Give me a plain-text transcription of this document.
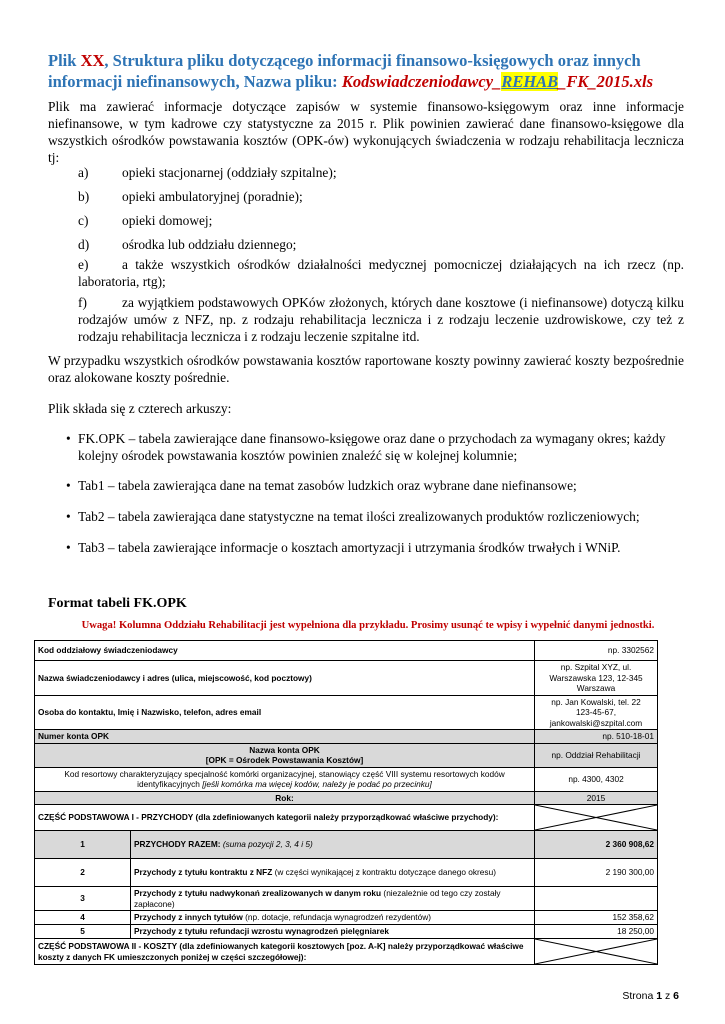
Plik XX, Struktura pliku dotyczącego informacji finansowo-księgowych oraz innych informacji niefinansowych, Nazwa pliku: Kodswiadczeniodawcy_REHAB_FK_2015.xls

Plik ma zawierać informacje dotyczące zapisów w systemie finansowo-księgowym oraz inne informacje niefinansowe, w tym kadrowe czy statystyczne za 2015 r. Plik powinien zawierać dane finansowo-księgowe dla wszystkich ośrodków powstawania kosztów (OPK-ów) wykonujących świadczenia w rodzaju rehabilitacja lecznicza tj:

a)	opieki stacjonarnej (oddziały szpitalne);
b)	opieki ambulatoryjnej (poradnie);
c)	opieki domowej;
d)	ośrodka lub oddziału dziennego;
e)	a także wszystkich ośrodków działalności medycznej pomocniczej działających na ich rzecz (np. laboratoria, rtg);
f)	za wyjątkiem podstawowych OPKów złożonych, których dane kosztowe (i niefinansowe) dotyczą kilku rodzajów umów z NFZ, np. z rodzaju rehabilitacja lecznicza i z rodzaju leczenie uzdrowiskowe, czy też z rodzaju rehabilitacja lecznicza i z rodzaju leczenie szpitalne itd.

W przypadku wszystkich ośrodków powstawania kosztów raportowane koszty powinny zawierać koszty bezpośrednie oraz alokowane koszty pośrednie.

Plik składa się z czterech arkuszy:

• FK.OPK – tabela zawierające dane finansowo-księgowe oraz dane o przychodach za wymagany okres; każdy kolejny ośrodek powstawania kosztów powinien znaleźć się w kolejnej kolumnie;
• Tab1 – tabela zawierająca dane na temat zasobów ludzkich oraz wybrane dane niefinansowe;
• Tab2 – tabela zawierająca dane statystyczne na temat ilości zrealizowanych produktów rozliczeniowych;
• Tab3 – tabela zawierające informacje o kosztach amortyzacji i utrzymania środków trwałych i WNiP.
Format tabeli FK.OPK

Uwaga! Kolumna Oddziału Rehabilitacji jest wypełniona dla przykładu. Prosimy usunąć te wpisy i wypełnić danymi jednostki.

Kod oddziałowy świadczeniodawcy		np. 3302562
Nazwa świadczeniodawcy i adres (ulica, miejscowość, kod pocztowy)		np. Szpital XYZ, ul.
Warszawska 123, 12-345
Warszawa
Osoba do kontaktu, Imię i Nazwisko, telefon, adres email		np. Jan Kowalski, tel. 22
123-45-67,
jankowalski@szpital.com
Numer konta OPK		np. 510-18-01
Nazwa konta OPK
[OPK = Ośrodek Powstawania Kosztów]		np. Oddział Rehabilitacji
Kod resortowy charakteryzujący specjalność komórki organizacyjnej, stanowiący część VIII systemu resortowych kodów identyfikacyjnych [jeśli komórka ma więcej kodów, należy je podać po przecinku]		np. 4300, 4302
Rok:		2015
CZĘŚĆ PODSTAWOWA I - PRZYCHODY (dla zdefiniowanych kategorii należy przyporządkować właściwe przychody):	

1	PRZYCHODY RAZEM: (suma pozycji 2, 3, 4 i 5)	2 360 908,62
2	Przychody z tytułu kontraktu z NFZ (w części wynikającej z kontraktu dotyczące danego okresu)	2 190 300,00
3	Przychody z tytułu nadwykonań zrealizowanych w danym roku (niezależnie od tego czy zostały zapłacone)	
4	Przychody z innych tytułów (np. dotacje, refundacja wynagrodzeń rezydentów)	152 358,62
5	Przychody z tytułu refundacji wzrostu wynagrodzeń pielęgniarek	18 250,00
CZĘŚĆ PODSTAWOWA II - KOSZTY (dla zdefiniowanych kategorii kosztowych [poz. A-K] należy przyporządkować właściwe koszty z danych FK umieszczonych poniżej w części szczegółowej):	
Strona 1 z 6
